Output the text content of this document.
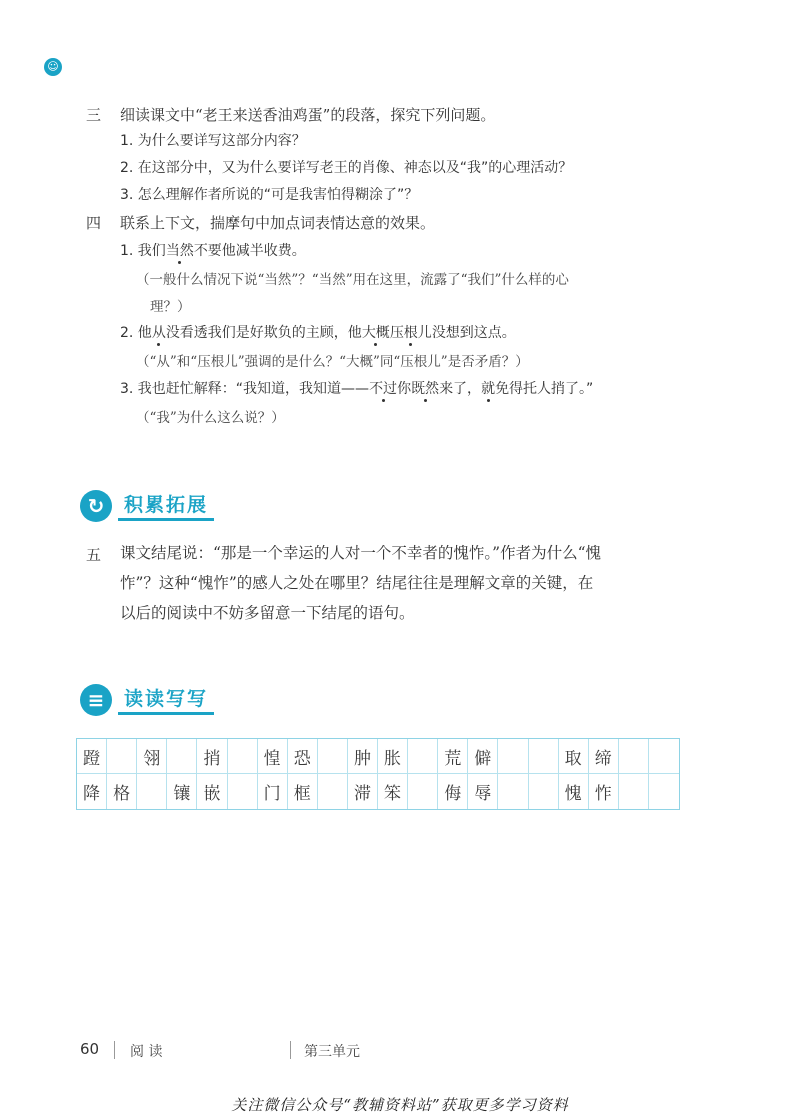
☺
三 细读课文中“老王来送香油鸡蛋”的段落，探究下列问题。
1. 为什么要详写这部分内容？
2. 在这部分中，又为什么要详写老王的肖像、神态以及“我”的心理活动？
3. 怎么理解作者所说的“可是我害怕得糊涂了”？
四 联系上下文，揣摩句中加点词表情达意的效果。
1. 我们当然不要他减半收费。
（一般什么情况下说“当然”？“当然”用在这里，流露了“我们”什么样的心
理？）
2. 他从没看透我们是好欺负的主顾，他大概压根儿没想到这点。
（“从”和“压根儿”强调的是什么？“大概”同“压根儿”是否矛盾？）
3. 我也赶忙解释：“我知道，我知道——不过你既然来了，就免得托人捎了。”
（“我”为什么这么说？）
↻	积累拓展
五 课文结尾说：“那是一个幸运的人对一个不幸者的愧怍。”作者为什么“愧
怍”？这种“愧怍”的感人之处在哪里？结尾往往是理解文章的关键，在
以后的阅读中不妨多留意一下结尾的语句。
≡	读读写写
蹬	翎	捎	惶 恐	肿 胀	荒 僻	取 缔
降 格	镶 嵌	门 框	滞 笨	侮 辱	愧 怍
60 阅 读	第三单元
关注微信公众号“教辅资料站”获取更多学习资料
